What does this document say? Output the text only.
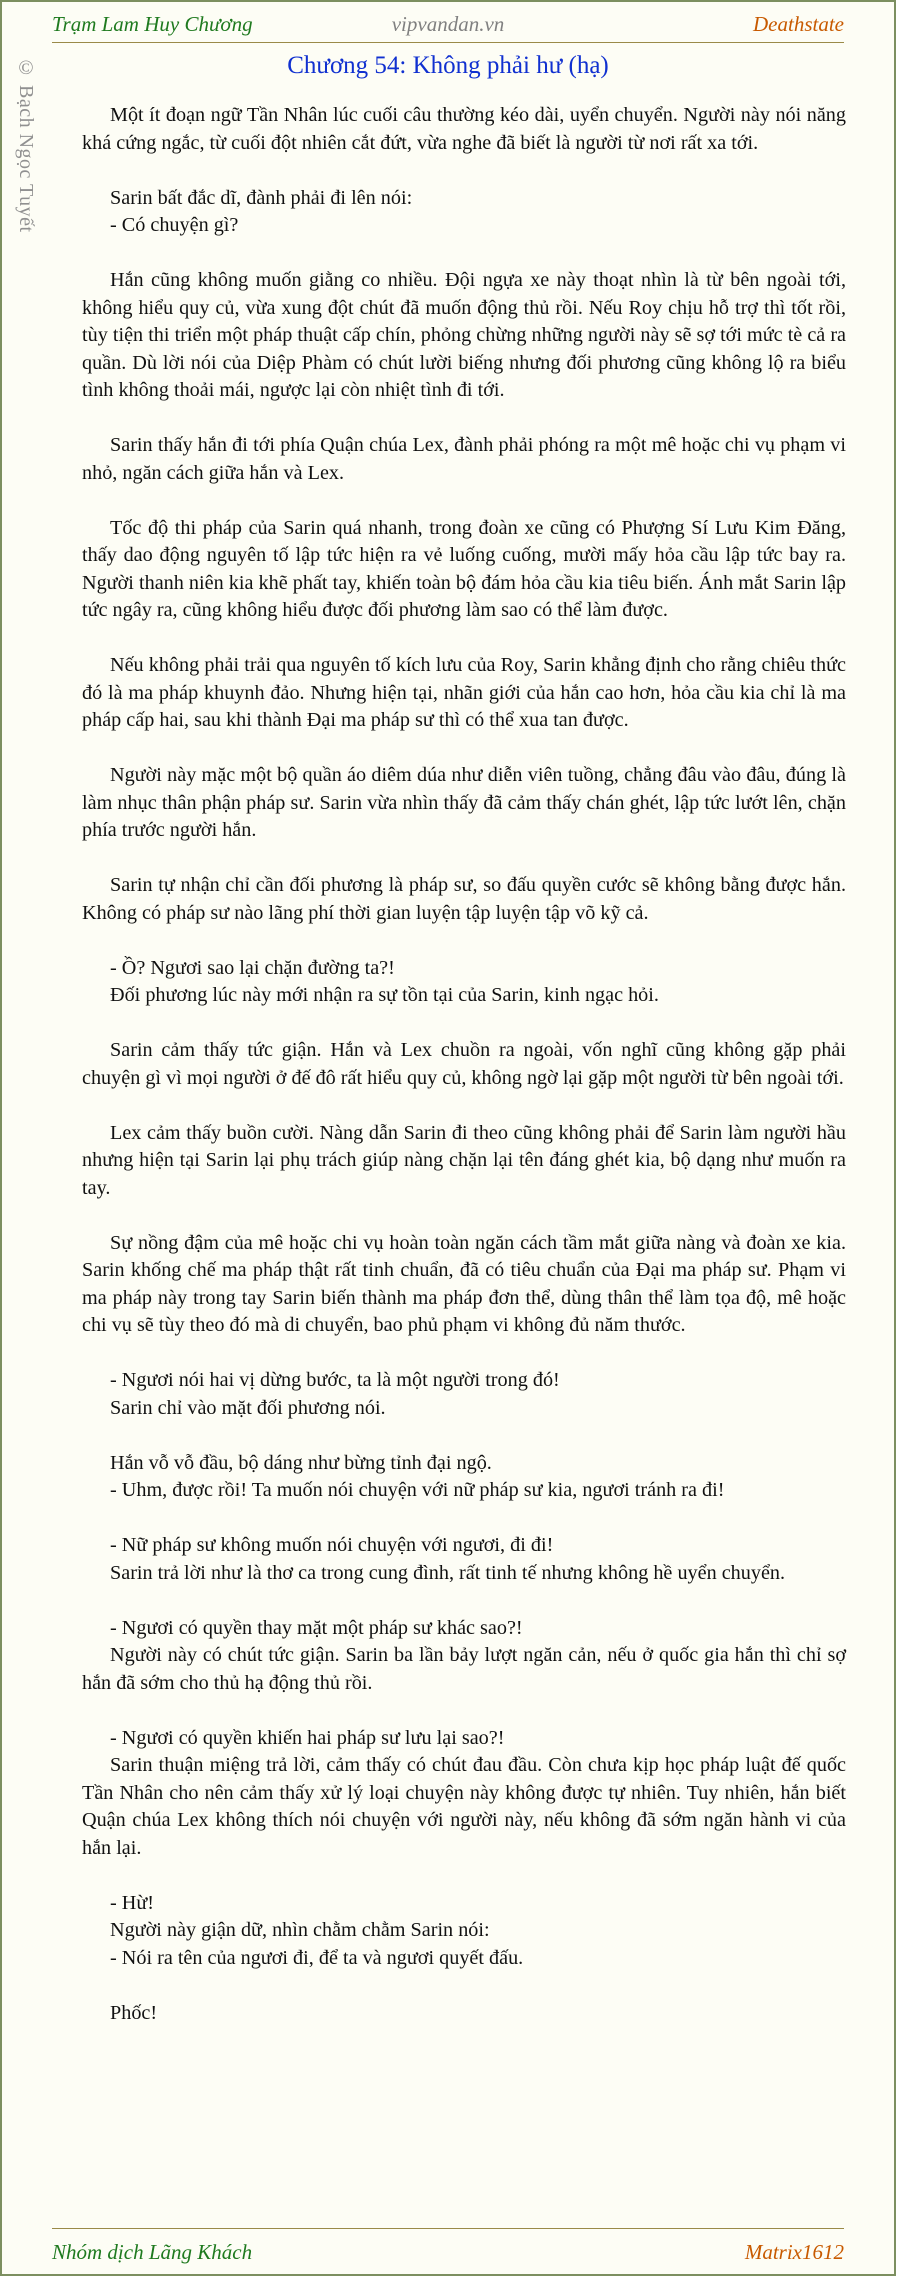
Trạm Lam Huy Chương	vipvandan.vn	Deathstate
© Bạch Ngọc Tuyết	Chương 54: Không phải hư (hạ)

Một ít đoạn ngữ Tần Nhân lúc cuối câu thường kéo dài, uyển chuyển. Người này nói năng khá cứng ngắc, từ cuối đột nhiên cắt đứt, vừa nghe đã biết là người từ nơi rất xa tới.

Sarin bất đắc dĩ, đành phải đi lên nói:
- Có chuyện gì?

Hắn cũng không muốn giằng co nhiều. Đội ngựa xe này thoạt nhìn là từ bên ngoài tới, không hiểu quy củ, vừa xung đột chút đã muốn động thủ rồi. Nếu Roy chịu hỗ trợ thì tốt rồi, tùy tiện thi triển một pháp thuật cấp chín, phỏng chừng những người này sẽ sợ tới mức tè cả ra quần. Dù lời nói của Diệp Phàm có chút lười biếng nhưng đối phương cũng không lộ ra biểu tình không thoải mái, ngược lại còn nhiệt tình đi tới.

Sarin thấy hắn đi tới phía Quận chúa Lex, đành phải phóng ra một mê hoặc chi vụ phạm vi nhỏ, ngăn cách giữa hắn và Lex.

Tốc độ thi pháp của Sarin quá nhanh, trong đoàn xe cũng có Phượng Sí Lưu Kim Đăng, thấy dao động nguyên tố lập tức hiện ra vẻ luống cuống, mười mấy hỏa cầu lập tức bay ra. Người thanh niên kia khẽ phất tay, khiến toàn bộ đám hỏa cầu kia tiêu biến. Ánh mắt Sarin lập tức ngây ra, cũng không hiểu được đối phương làm sao có thể làm được.

Nếu không phải trải qua nguyên tố kích lưu của Roy, Sarin khẳng định cho rằng chiêu thức đó là ma pháp khuynh đảo. Nhưng hiện tại, nhãn giới của hắn cao hơn, hỏa cầu kia chỉ là ma pháp cấp hai, sau khi thành Đại ma pháp sư thì có thể xua tan được.

Người này mặc một bộ quần áo diêm dúa như diễn viên tuồng, chẳng đâu vào đâu, đúng là làm nhục thân phận pháp sư. Sarin vừa nhìn thấy đã cảm thấy chán ghét, lập tức lướt lên, chặn phía trước người hắn.

Sarin tự nhận chỉ cần đối phương là pháp sư, so đấu quyền cước sẽ không bằng được hắn. Không có pháp sư nào lãng phí thời gian luyện tập luyện tập võ kỹ cả.

- Ồ? Ngươi sao lại chặn đường ta?!
Đối phương lúc này mới nhận ra sự tồn tại của Sarin, kinh ngạc hỏi.

Sarin cảm thấy tức giận. Hắn và Lex chuồn ra ngoài, vốn nghĩ cũng không gặp phải chuyện gì vì mọi người ở đế đô rất hiểu quy củ, không ngờ lại gặp một người từ bên ngoài tới.

Lex cảm thấy buồn cười. Nàng dẫn Sarin đi theo cũng không phải để Sarin làm người hầu nhưng hiện tại Sarin lại phụ trách giúp nàng chặn lại tên đáng ghét kia, bộ dạng như muốn ra tay.

Sự nồng đậm của mê hoặc chi vụ hoàn toàn ngăn cách tầm mắt giữa nàng và đoàn xe kia. Sarin khống chế ma pháp thật rất tinh chuẩn, đã có tiêu chuẩn của Đại ma pháp sư. Phạm vi ma pháp này trong tay Sarin biến thành ma pháp đơn thể, dùng thân thể làm tọa độ, mê hoặc chi vụ sẽ tùy theo đó mà di chuyển, bao phủ phạm vi không đủ năm thước.

- Ngươi nói hai vị dừng bước, ta là một người trong đó!
Sarin chỉ vào mặt đối phương nói.

Hắn vỗ vỗ đầu, bộ dáng như bừng tỉnh đại ngộ.
- Uhm, được rồi! Ta muốn nói chuyện với nữ pháp sư kia, ngươi tránh ra đi!

- Nữ pháp sư không muốn nói chuyện với ngươi, đi đi!
Sarin trả lời như là thơ ca trong cung đình, rất tinh tế nhưng không hề uyển chuyển.

- Ngươi có quyền thay mặt một pháp sư khác sao?!
Người này có chút tức giận. Sarin ba lần bảy lượt ngăn cản, nếu ở quốc gia hắn thì chỉ sợ hắn đã sớm cho thủ hạ động thủ rồi.

- Ngươi có quyền khiến hai pháp sư lưu lại sao?!
Sarin thuận miệng trả lời, cảm thấy có chút đau đầu. Còn chưa kịp học pháp luật đế quốc Tần Nhân cho nên cảm thấy xử lý loại chuyện này không được tự nhiên. Tuy nhiên, hắn biết Quận chúa Lex không thích nói chuyện với người này, nếu không đã sớm ngăn hành vi của hắn lại.

- Hừ!
Người này giận dữ, nhìn chằm chằm Sarin nói:
- Nói ra tên của ngươi đi, để ta và ngươi quyết đấu.

Phốc!

Nhóm dịch Lãng Khách	Matrix1612
